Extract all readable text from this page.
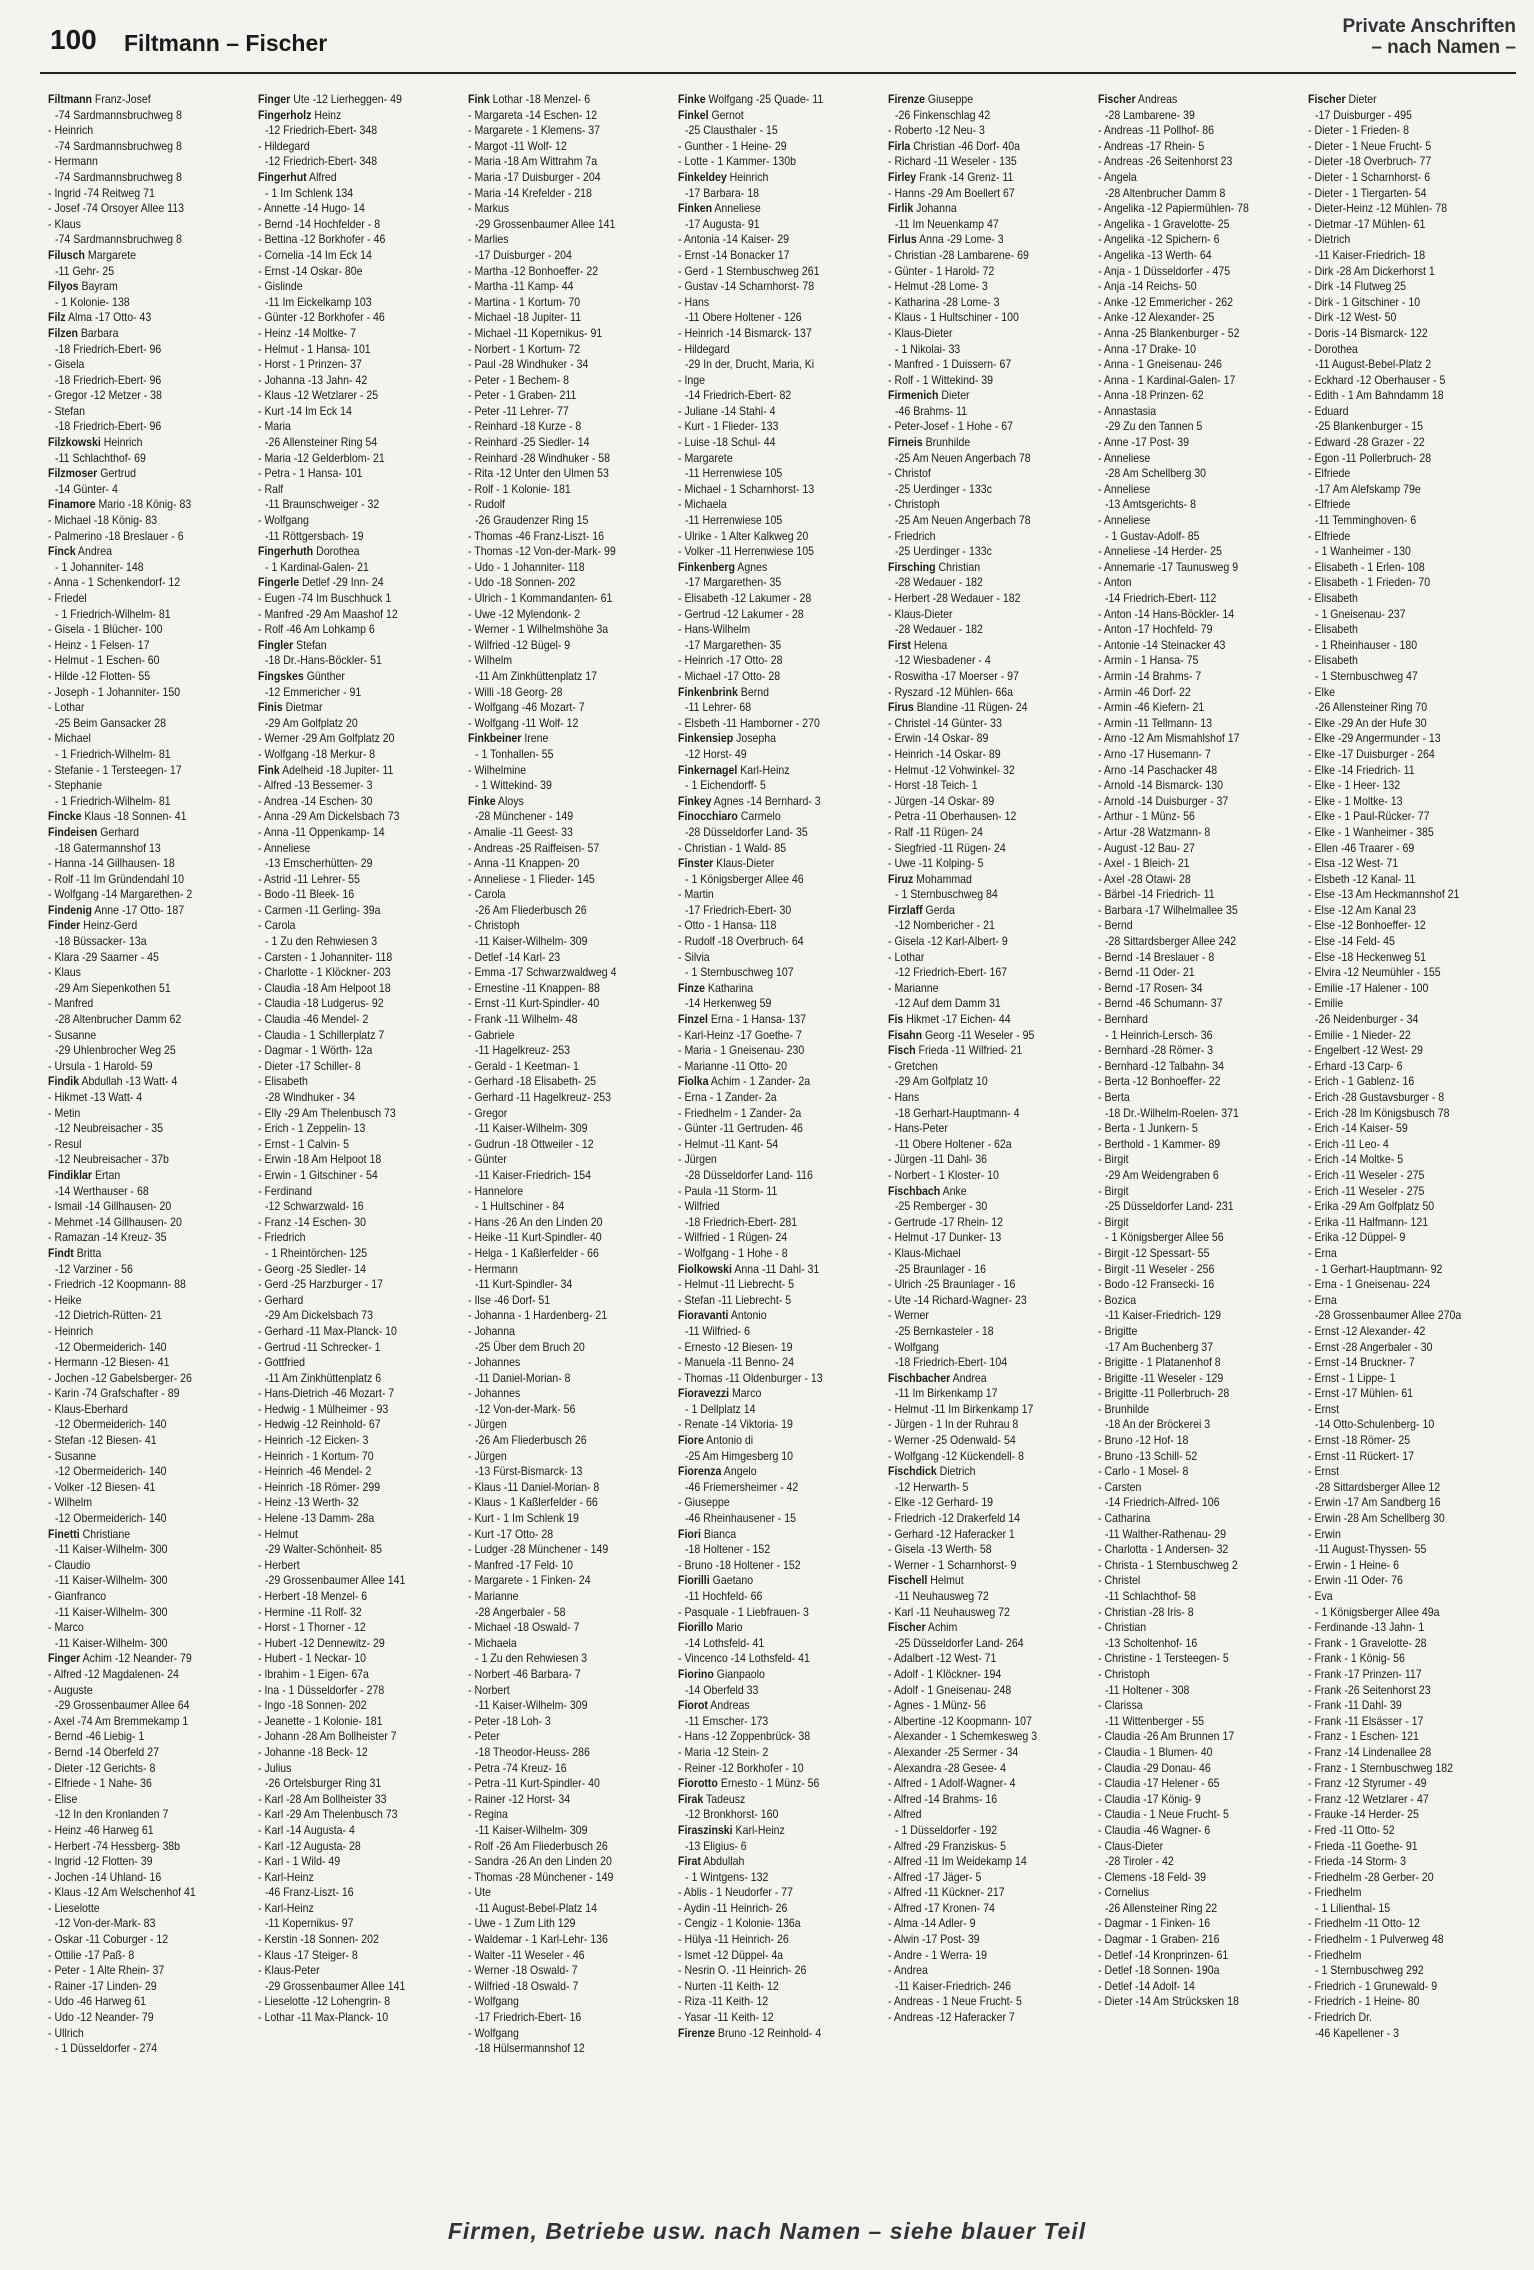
100 Filtmann – Fischer
Private Anschriften
– nach Namen –
Filtmann Franz-Josef
-74 Sardmannsbruchweg 8
- Heinrich
-74 Sardmannsbruchweg 8
- Hermann
-74 Sardmannsbruchweg 8
- Ingrid -74 Reitweg 71
- Josef -74 Orsoyer Allee 113
- Klaus
-74 Sardmannsbruchweg 8
Filusch Margarete
-11 Gehr- 25
Filyos Bayram
- 1 Kolonie- 138
Filz Alma -17 Otto- 43
Filzen Barbara
-18 Friedrich-Ebert- 96
- Gisela
-18 Friedrich-Ebert- 96
- Gregor -12 Metzer - 38
- Stefan
-18 Friedrich-Ebert- 96
Filzkowski Heinrich
-11 Schlachthof- 69
Filzmoser Gertrud
-14 Günter- 4
Finamore Mario -18 König- 83
- Michael -18 König- 83
- Palmerino -18 Breslauer - 6
Finck Andrea
- 1 Johanniter- 148
- Anna - 1 Schenkendorf- 12
- Friedel
- 1 Friedrich-Wilhelm- 81
- Gisela - 1 Blücher- 100
- Heinz - 1 Felsen- 17
- Helmut - 1 Eschen- 60
- Hilde -12 Flotten- 55
- Joseph - 1 Johanniter- 150
- Lothar
-25 Beim Gansacker 28
- Michael
- 1 Friedrich-Wilhelm- 81
- Stefanie - 1 Tersteegen- 17
- Stephanie
- 1 Friedrich-Wilhelm- 81
Fincke Klaus -18 Sonnen- 41
Findeisen Gerhard
-18 Gatermannshof 13
- Hanna -14 Gillhausen- 18
- Rolf -11 Im Gründendahl 10
- Wolfgang -14 Margarethen- 2
Findenig Anne -17 Otto- 187
Finder Heinz-Gerd
-18 Büssacker- 13a
- Klara -29 Saarner - 45
- Klaus
-29 Am Siepenkothen 51
- Manfred
-28 Altenbrucher Damm 62
- Susanne
-29 Uhlenbrocher Weg 25
- Ursula - 1 Harold- 59
Findik Abdullah -13 Watt- 4
- Hikmet -13 Watt- 4
- Metin
-12 Neubreisacher - 35
- Resul
-12 Neubreisacher - 37b
Findiklar Ertan
-14 Werthauser - 68
- Ismail -14 Gillhausen- 20
- Mehmet -14 Gillhausen- 20
- Ramazan -14 Kreuz- 35
Findt Britta
-12 Varziner - 56
- Friedrich -12 Koopmann- 88
- Heike
-12 Dietrich-Rütten- 21
- Heinrich
-12 Obermeiderich- 140
- Hermann -12 Biesen- 41
- Jochen -12 Gabelsberger- 26
- Karin -74 Grafschafter - 89
- Klaus-Eberhard
-12 Obermeiderich- 140
- Stefan -12 Biesen- 41
- Susanne
-12 Obermeiderich- 140
- Volker -12 Biesen- 41
- Wilhelm
-12 Obermeiderich- 140
Finetti Christiane
-11 Kaiser-Wilhelm- 300
- Claudio
-11 Kaiser-Wilhelm- 300
- Gianfranco
-11 Kaiser-Wilhelm- 300
- Marco
-11 Kaiser-Wilhelm- 300
Finger Achim -12 Neander- 79
- Alfred -12 Magdalenen- 24
- Auguste
-29 Grossenbaumer Allee 64
- Axel -74 Am Bremmekamp 1
- Bernd -46 Liebig- 1
- Bernd -14 Oberfeld 27
- Dieter -12 Gerichts- 8
- Elfriede - 1 Nahe- 36
- Elise
-12 In den Kronlanden 7
- Heinz -46 Harweg 61
- Herbert -74 Hessberg- 38b
- Ingrid -12 Flotten- 39
- Jochen -14 Uhland- 16
- Klaus -12 Am Welschenhof 41
- Lieselotte
-12 Von-der-Mark- 83
- Oskar -11 Coburger - 12
- Ottilie -17 Paß- 8
- Peter - 1 Alte Rhein- 37
- Rainer -17 Linden- 29
- Udo -46 Harweg 61
- Udo -12 Neander- 79
- Ullrich
- 1 Düsseldorfer - 274
Finger Ute -12 Lierheggen- 49
Fingerholz Heinz
-12 Friedrich-Ebert- 348
- Hildegard
-12 Friedrich-Ebert- 348
Fingerhut Alfred
- 1 Im Schlenk 134
- Annette -14 Hugo- 14
- Bernd -14 Hochfelder - 8
- Bettina -12 Borkhofer - 46
- Cornelia -14 Im Eck 14
- Ernst -14 Oskar- 80e
- Gislinde
-11 Im Eickelkamp 103
- Günter -12 Borkhofer - 46
- Heinz -14 Moltke- 7
- Helmut - 1 Hansa- 101
- Horst - 1 Prinzen- 37
- Johanna -13 Jahn- 42
- Klaus -12 Wetzlarer - 25
- Kurt -14 Im Eck 14
- Maria
-26 Allensteiner Ring 54
- Maria -12 Gelderblom- 21
- Petra - 1 Hansa- 101
- Ralf
-11 Braunschweiger - 32
- Wolfgang
-11 Röttgersbach- 19
Fingerhuth Dorothea
- 1 Kardinal-Galen- 21
Fingerle Detlef -29 Inn- 24
- Eugen -74 Im Buschhuck 1
- Manfred -29 Am Maashof 12
- Rolf -46 Am Lohkamp 6
Fingler Stefan
-18 Dr.-Hans-Böckler- 51
Fingskes Günther
-12 Emmericher - 91
Finis Dietmar
-29 Am Golfplatz 20
- Werner -29 Am Golfplatz 20
- Wolfgang -18 Merkur- 8
Fink Adelheid -18 Jupiter- 11
- Alfred -13 Bessemer- 3
- Andrea -14 Eschen- 30
- Anna -29 Am Dickelsbach 73
- Anna -11 Oppenkamp- 14
- Anneliese
-13 Emscherhütten- 29
- Astrid -11 Lehrer- 55
- Bodo -11 Bleek- 16
- Carmen -11 Gerling- 39a
- Carola
- 1 Zu den Rehwiesen 3
- Carsten - 1 Johanniter- 118
- Charlotte - 1 Klöckner- 203
- Claudia -18 Am Helpoot 18
- Claudia -18 Ludgerus- 92
- Claudia -46 Mendel- 2
- Claudia - 1 Schillerplatz 7
- Dagmar - 1 Wörth- 12a
- Dieter -17 Schiller- 8
- Elisabeth
-28 Windhuker - 34
- Elly -29 Am Thelenbusch 73
- Erich - 1 Zeppelin- 13
- Ernst - 1 Calvin- 5
- Erwin -18 Am Helpoot 18
- Erwin - 1 Gitschiner - 54
- Ferdinand
-12 Schwarzwald- 16
- Franz -14 Eschen- 30
- Friedrich
- 1 Rheintörchen- 125
- Georg -25 Siedler- 14
- Gerd -25 Harzburger - 17
- Gerhard
-29 Am Dickelsbach 73
- Gerhard -11 Max-Planck- 10
- Gertrud -11 Schrecker- 1
- Gottfried
-11 Am Zinkhüttenplatz 6
- Hans-Dietrich -46 Mozart- 7
- Hedwig - 1 Mülheimer - 93
- Hedwig -12 Reinhold- 67
- Heinrich -12 Eicken- 3
- Heinrich - 1 Kortum- 70
- Heinrich -46 Mendel- 2
- Heinrich -18 Römer- 299
- Heinz -13 Werth- 32
- Helene -13 Damm- 28a
- Helmut
-29 Walter-Schönheit- 85
- Herbert
-29 Grossenbaumer Allee 141
- Herbert -18 Menzel- 6
- Hermine -11 Rolf- 32
- Horst - 1 Thorner - 12
- Hubert -12 Dennewitz- 29
- Hubert - 1 Neckar- 10
- Ibrahim - 1 Eigen- 67a
- Ina - 1 Düsseldorfer - 278
- Ingo -18 Sonnen- 202
- Jeanette - 1 Kolonie- 181
- Johann -28 Am Bollheister 7
- Johanne -18 Beck- 12
- Julius
-26 Ortelsburger Ring 31
- Karl -28 Am Bollheister 33
- Karl -29 Am Thelenbusch 73
- Karl -14 Augusta- 4
- Karl -12 Augusta- 28
- Karl - 1 Wild- 49
- Karl-Heinz
-46 Franz-Liszt- 16
- Karl-Heinz
-11 Kopernikus- 97
- Kerstin -18 Sonnen- 202
- Klaus -17 Steiger- 8
- Klaus-Peter
-29 Grossenbaumer Allee 141
- Lieselotte -12 Lohengrin- 8
- Lothar -11 Max-Planck- 10
Fink Lothar -18 Menzel- 6
- Margareta -14 Eschen- 12
- Margarete - 1 Klemens- 37
- Margot -11 Wolf- 12
- Maria -18 Am Wittrahm 7a
- Maria -17 Duisburger - 204
- Maria -14 Krefelder - 218
- Markus
-29 Grossenbaumer Allee 141
- Marlies
-17 Duisburger - 204
- Martha -12 Bonhoeffer- 22
- Martha -11 Kamp- 44
- Martina - 1 Kortum- 70
- Michael -18 Jupiter- 11
- Michael -11 Kopernikus- 91
- Norbert - 1 Kortum- 72
- Paul -28 Windhuker - 34
- Peter - 1 Bechem- 8
- Peter - 1 Graben- 211
- Peter -11 Lehrer- 77
- Reinhard -18 Kurze - 8
- Reinhard -25 Siedler- 14
- Reinhard -28 Windhuker - 58
- Rita -12 Unter den Ulmen 53
- Rolf - 1 Kolonie- 181
- Rudolf
-26 Graudenzer Ring 15
- Thomas -46 Franz-Liszt- 16
- Thomas -12 Von-der-Mark- 99
- Udo - 1 Johanniter- 118
- Udo -18 Sonnen- 202
- Ulrich - 1 Kommandanten- 61
- Uwe -12 Mylendonk- 2
- Werner - 1 Wilhelmshöhe 3a
- Wilfried -12 Bügel- 9
- Wilhelm
-11 Am Zinkhüttenplatz 17
- Willi -18 Georg- 28
- Wolfgang -46 Mozart- 7
- Wolfgang -11 Wolf- 12
Finkbeiner Irene
- 1 Tonhallen- 55
- Wilhelmine
- 1 Wittekind- 39
Finke Aloys
-28 Münchener - 149
- Amalie -11 Geest- 33
- Andreas -25 Raiffeisen- 57
- Anna -11 Knappen- 20
- Anneliese - 1 Flieder- 145
- Carola
-26 Am Fliederbusch 26
- Christoph
-11 Kaiser-Wilhelm- 309
- Detlef -14 Karl- 23
- Emma -17 Schwarzwaldweg 4
- Ernestine -11 Knappen- 88
- Ernst -11 Kurt-Spindler- 40
- Frank -11 Wilhelm- 48
- Gabriele
-11 Hagelkreuz- 253
- Gerald - 1 Keetman- 1
- Gerhard -18 Elisabeth- 25
- Gerhard -11 Hagelkreuz- 253
- Gregor
-11 Kaiser-Wilhelm- 309
- Gudrun -18 Ottweiler - 12
- Günter
-11 Kaiser-Friedrich- 154
- Hannelore
- 1 Hultschiner - 84
- Hans -26 An den Linden 20
- Heike -11 Kurt-Spindler- 40
- Helga - 1 Kaßlerfelder - 66
- Hermann
-11 Kurt-Spindler- 34
- Ilse -46 Dorf- 51
- Johanna - 1 Hardenberg- 21
- Johanna
-25 Über dem Bruch 20
- Johannes
-11 Daniel-Morian- 8
- Johannes
-12 Von-der-Mark- 56
- Jürgen
-26 Am Fliederbusch 26
- Jürgen
-13 Fürst-Bismarck- 13
- Klaus -11 Daniel-Morian- 8
- Klaus - 1 Kaßlerfelder - 66
- Kurt - 1 Im Schlenk 19
- Kurt -17 Otto- 28
- Ludger -28 Münchener - 149
- Manfred -17 Feld- 10
- Margarete - 1 Finken- 24
- Marianne
-28 Angerbaler - 58
- Michael -18 Oswald- 7
- Michaela
- 1 Zu den Rehwiesen 3
- Norbert -46 Barbara- 7
- Norbert
-11 Kaiser-Wilhelm- 309
- Peter -18 Loh- 3
- Peter
-18 Theodor-Heuss- 286
- Petra -74 Kreuz- 16
- Petra -11 Kurt-Spindler- 40
- Rainer -12 Horst- 34
- Regina
-11 Kaiser-Wilhelm- 309
- Rolf -26 Am Fliederbusch 26
- Sandra -26 An den Linden 20
- Thomas -28 Münchener - 149
- Ute
-11 August-Bebel-Platz 14
- Uwe - 1 Zum Lith 129
- Waldemar - 1 Karl-Lehr- 136
- Walter -11 Weseler - 46
- Werner -18 Oswald- 7
- Wilfried -18 Oswald- 7
- Wolfgang
-17 Friedrich-Ebert- 16
- Wolfgang
-18 Hülsermannshof 12
Finke Wolfgang -25 Quade- 11
Finkel Gernot
-25 Clausthaler - 15
- Gunther - 1 Heine- 29
- Lotte - 1 Kammer- 130b
Finkeldey Heinrich
-17 Barbara- 18
Finken Anneliese
-17 Augusta- 91
- Antonia -14 Kaiser- 29
- Ernst -14 Bonacker 17
- Gerd - 1 Sternbuschweg 261
- Gustav -14 Scharnhorst- 78
- Hans
-11 Obere Holtener - 126
- Heinrich -14 Bismarck- 137
- Hildegard
-29 In der, Drucht, Maria, Ki
- Inge
-14 Friedrich-Ebert- 82
- Juliane -14 Stahl- 4
- Kurt - 1 Flieder- 133
- Luise -18 Schul- 44
- Margarete
-11 Herrenwiese 105
- Michael - 1 Scharnhorst- 13
- Michaela
-11 Herrenwiese 105
- Ulrike - 1 Alter Kalkweg 20
- Volker -11 Herrenwiese 105
Finkenberg Agnes
-17 Margarethen- 35
- Elisabeth -12 Lakumer - 28
- Gertrud -12 Lakumer - 28
- Hans-Wilhelm
-17 Margarethen- 35
- Heinrich -17 Otto- 28
- Michael -17 Otto- 28
Finkenbrink Bernd
-11 Lehrer- 68
- Elsbeth -11 Hamborner - 270
Finkensiep Josepha
-12 Horst- 49
Finkernagel Karl-Heinz
- 1 Eichendorff- 5
Finkey Agnes -14 Bernhard- 3
Finocchiaro Carmelo
-28 Düsseldorfer Land- 35
- Christian - 1 Wald- 85
Finster Klaus-Dieter
- 1 Königsberger Allee 46
- Martin
-17 Friedrich-Ebert- 30
- Otto - 1 Hansa- 118
- Rudolf -18 Overbruch- 64
- Silvia
- 1 Sternbuschweg 107
Finze Katharina
-14 Herkenweg 59
Finzel Erna - 1 Hansa- 137
- Karl-Heinz -17 Goethe- 7
- Maria - 1 Gneisenau- 230
- Marianne -11 Otto- 20
Fiolka Achim - 1 Zander- 2a
- Erna - 1 Zander- 2a
- Friedhelm - 1 Zander- 2a
- Günter -11 Gertruden- 46
- Helmut -11 Kant- 54
- Jürgen
-28 Düsseldorfer Land- 116
- Paula -11 Storm- 11
- Wilfried
-18 Friedrich-Ebert- 281
- Wilfried - 1 Rügen- 24
- Wolfgang - 1 Hohe - 8
Fiolkowski Anna -11 Dahl- 31
- Helmut -11 Liebrecht- 5
- Stefan -11 Liebrecht- 5
Fioravanti Antonio
-11 Wilfried- 6
- Ernesto -12 Biesen- 19
- Manuela -11 Benno- 24
- Thomas -11 Oldenburger - 13
Fioravezzi Marco
- 1 Dellplatz 14
- Renate -14 Viktoria- 19
Fiore Antonio di
-25 Am Himgesberg 10
Fiorenza Angelo
-46 Friemersheimer - 42
- Giuseppe
-46 Rheinhausener - 15
Fiori Bianca
-18 Holtener - 152
- Bruno -18 Holtener - 152
Fiorilli Gaetano
-11 Hochfeld- 66
- Pasquale - 1 Liebfrauen- 3
Fiorillo Mario
-14 Lothsfeld- 41
- Vincenco -14 Lothsfeld- 41
Fiorino Gianpaolo
-14 Oberfeld 33
Fiorot Andreas
-11 Emscher- 173
- Hans -12 Zoppenbrück- 38
- Maria -12 Stein- 2
- Reiner -12 Borkhofer - 10
Fiorotto Ernesto - 1 Münz- 56
Firak Tadeusz
-12 Bronkhorst- 160
Firaszinski Karl-Heinz
-13 Eligius- 6
Firat Abdullah
- 1 Wintgens- 132
- Ablis - 1 Neudorfer - 77
- Aydin -11 Heinrich- 26
- Cengiz - 1 Kolonie- 136a
- Hülya -11 Heinrich- 26
- Ismet -12 Düppel- 4a
- Nesrin O. -11 Heinrich- 26
- Nurten -11 Keith- 12
- Riza -11 Keith- 12
- Yasar -11 Keith- 12
Firenze Bruno -12 Reinhold- 4
Firenze Giuseppe
-26 Finkenschlag 42
- Roberto -12 Neu- 3
Firla Christian -46 Dorf- 40a
- Richard -11 Weseler - 135
Firley Frank -14 Grenz- 11
- Hanns -29 Am Boellert 67
Firlik Johanna
-11 Im Neuenkamp 47
Firlus Anna -29 Lome- 3
- Christian -28 Lambarene- 69
- Günter - 1 Harold- 72
- Helmut -28 Lome- 3
- Katharina -28 Lome- 3
- Klaus - 1 Hultschiner - 100
- Klaus-Dieter
- 1 Nikolai- 33
- Manfred - 1 Duissern- 67
- Rolf - 1 Wittekind- 39
Firmenich Dieter
-46 Brahms- 11
- Peter-Josef - 1 Hohe - 67
Firneis Brunhilde
-25 Am Neuen Angerbach 78
- Christof
-25 Uerdinger - 133c
- Christoph
-25 Am Neuen Angerbach 78
- Friedrich
-25 Uerdinger - 133c
Firsching Christian
-28 Wedauer - 182
- Herbert -28 Wedauer - 182
- Klaus-Dieter
-28 Wedauer - 182
First Helena
-12 Wiesbadener - 4
- Roswitha -17 Moerser - 97
- Ryszard -12 Mühlen- 66a
Firus Blandine -11 Rügen- 24
- Christel -14 Günter- 33
- Erwin -14 Oskar- 89
- Heinrich -14 Oskar- 89
- Helmut -12 Vohwinkel- 32
- Horst -18 Teich- 1
- Jürgen -14 Oskar- 89
- Petra -11 Oberhausen- 12
- Ralf -11 Rügen- 24
- Siegfried -11 Rügen- 24
- Uwe -11 Kolping- 5
Firuz Mohammad
- 1 Sternbuschweg 84
Firzlaff Gerda
-12 Nombericher - 21
- Gisela -12 Karl-Albert- 9
- Lothar
-12 Friedrich-Ebert- 167
- Marianne
-12 Auf dem Damm 31
Fis Hikmet -17 Eichen- 44
Fisahn Georg -11 Weseler - 95
Fisch Frieda -11 Wilfried- 21
- Gretchen
-29 Am Golfplatz 10
- Hans
-18 Gerhart-Hauptmann- 4
- Hans-Peter
-11 Obere Holtener - 62a
- Jürgen -11 Dahl- 36
- Norbert - 1 Kloster- 10
Fischbach Anke
-25 Remberger - 30
- Gertrude -17 Rhein- 12
- Helmut -17 Dunker- 13
- Klaus-Michael
-25 Braunlager - 16
- Ulrich -25 Braunlager - 16
- Ute -14 Richard-Wagner- 23
- Werner
-25 Bernkasteler - 18
- Wolfgang
-18 Friedrich-Ebert- 104
Fischbacher Andrea
-11 Im Birkenkamp 17
- Helmut -11 Im Birkenkamp 17
- Jürgen - 1 In der Ruhrau 8
- Werner -25 Odenwald- 54
- Wolfgang -12 Kückendell- 8
Fischdick Dietrich
-12 Herwarth- 5
- Elke -12 Gerhard- 19
- Friedrich -12 Drakerfeld 14
- Gerhard -12 Haferacker 1
- Gisela -13 Werth- 58
- Werner - 1 Scharnhorst- 9
Fischell Helmut
-11 Neuhausweg 72
- Karl -11 Neuhausweg 72
Fischer Achim
-25 Düsseldorfer Land- 264
- Adalbert -12 West- 71
- Adolf - 1 Klöckner- 194
- Adolf - 1 Gneisenau- 248
- Agnes - 1 Münz- 56
- Albertine -12 Koopmann- 107
- Alexander - 1 Schemkesweg 3
- Alexander -25 Sermer - 34
- Alexandra -28 Gesee- 4
- Alfred - 1 Adolf-Wagner- 4
- Alfred -14 Brahms- 16
- Alfred
- 1 Düsseldorfer - 192
- Alfred -29 Franziskus- 5
- Alfred -11 Im Weidekamp 14
- Alfred -17 Jäger- 5
- Alfred -11 Kückner- 217
- Alfred -17 Kronen- 74
- Alma -14 Adler- 9
- Alwin -17 Post- 39
- Andre - 1 Werra- 19
- Andrea
-11 Kaiser-Friedrich- 246
- Andreas - 1 Neue Frucht- 5
- Andreas -12 Haferacker 7
Fischer Andreas
-28 Lambarene- 39
- Andreas -11 Pollhof- 86
- Andreas -17 Rhein- 5
- Andreas -26 Seitenhorst 23
- Angela
-28 Altenbrucher Damm 8
- Angelika -12 Papiermühlen- 78
- Angelika - 1 Gravelotte- 25
- Angelika -12 Spichern- 6
- Angelika -13 Werth- 64
- Anja - 1 Düsseldorfer - 475
- Anja -14 Reichs- 50
- Anke -12 Emmericher - 262
- Anke -12 Alexander- 25
- Anna -25 Blankenburger - 52
- Anna -17 Drake- 10
- Anna - 1 Gneisenau- 246
- Anna - 1 Kardinal-Galen- 17
- Anna -18 Prinzen- 62
- Annastasia
-29 Zu den Tannen 5
- Anne -17 Post- 39
- Anneliese
-28 Am Schellberg 30
- Anneliese
-13 Amtsgerichts- 8
- Anneliese
- 1 Gustav-Adolf- 85
- Anneliese -14 Herder- 25
- Annemarie -17 Taunusweg 9
- Anton
-14 Friedrich-Ebert- 112
- Anton -14 Hans-Böckler- 14
- Anton -17 Hochfeld- 79
- Antonie -14 Steinacker 43
- Armin - 1 Hansa- 75
- Armin -14 Brahms- 7
- Armin -46 Dorf- 22
- Armin -46 Kiefern- 21
- Armin -11 Tellmann- 13
- Arno -12 Am Mismahlshof 17
- Arno -17 Husemann- 7
- Arno -14 Paschacker 48
- Arnold -14 Bismarck- 130
- Arnold -14 Duisburger - 37
- Arthur - 1 Münz- 56
- Artur -28 Watzmann- 8
- August -12 Bau- 27
- Axel - 1 Bleich- 21
- Axel -28 Otawi- 28
- Bärbel -14 Friedrich- 11
- Barbara -17 Wilhelmallee 35
- Bernd
-28 Sittardsberger Allee 242
- Bernd -14 Breslauer - 8
- Bernd -11 Oder- 21
- Bernd -17 Rosen- 34
- Bernd -46 Schumann- 37
- Bernhard
- 1 Heinrich-Lersch- 36
- Bernhard -28 Römer- 3
- Bernhard -12 Talbahn- 34
- Berta -12 Bonhoeffer- 22
- Berta
-18 Dr.-Wilhelm-Roelen- 371
- Berta - 1 Junkern- 5
- Berthold - 1 Kammer- 89
- Birgit
-29 Am Weidengraben 6
- Birgit
-25 Düsseldorfer Land- 231
- Birgit
- 1 Königsberger Allee 56
- Birgit -12 Spessart- 55
- Birgit -11 Weseler - 256
- Bodo -12 Fransecki- 16
- Bozica
-11 Kaiser-Friedrich- 129
- Brigitte
-17 Am Buchenberg 37
- Brigitte - 1 Platanenhof 8
- Brigitte -11 Weseler - 129
- Brigitte -11 Pollerbruch- 28
- Brunhilde
-18 An der Bröckerei 3
- Bruno -12 Hof- 18
- Bruno -13 Schill- 52
- Carlo - 1 Mosel- 8
- Carsten
-14 Friedrich-Alfred- 106
- Catharina
-11 Walther-Rathenau- 29
- Charlotta - 1 Andersen- 32
- Christa - 1 Sternbuschweg 2
- Christel
-11 Schlachthof- 58
- Christian -28 Iris- 8
- Christian
-13 Scholtenhof- 16
- Christine - 1 Tersteegen- 5
- Christoph
-11 Holtener - 308
- Clarissa
-11 Wittenberger - 55
- Claudia -26 Am Brunnen 17
- Claudia - 1 Blumen- 40
- Claudia -29 Donau- 46
- Claudia -17 Helener - 65
- Claudia -17 König- 9
- Claudia - 1 Neue Frucht- 5
- Claudia -46 Wagner- 6
- Claus-Dieter
-28 Tiroler - 42
- Clemens -18 Feld- 39
- Cornelius
-26 Allensteiner Ring 22
- Dagmar - 1 Finken- 16
- Dagmar - 1 Graben- 216
- Detlef -14 Kronprinzen- 61
- Detlef -18 Sonnen- 190a
- Detlef -14 Adolf- 14
- Dieter -14 Am Strücksken 18
Fischer Dieter
-17 Duisburger - 495
- Dieter - 1 Frieden- 8
- Dieter - 1 Neue Frucht- 5
- Dieter -18 Overbruch- 77
- Dieter - 1 Scharnhorst- 6
- Dieter - 1 Tiergarten- 54
- Dieter-Heinz -12 Mühlen- 78
- Dietmar -17 Mühlen- 61
- Dietrich
-11 Kaiser-Friedrich- 18
- Dirk -28 Am Dickerhorst 1
- Dirk -14 Flutweg 25
- Dirk - 1 Gitschiner - 10
- Dirk -12 West- 50
- Doris -14 Bismarck- 122
- Dorothea
-11 August-Bebel-Platz 2
- Eckhard -12 Oberhauser - 5
- Edith - 1 Am Bahndamm 18
- Eduard
-25 Blankenburger - 15
- Edward -28 Grazer - 22
- Egon -11 Pollerbruch- 28
- Elfriede
-17 Am Alefskamp 79e
- Elfriede
-11 Temminghoven- 6
- Elfriede
- 1 Wanheimer - 130
- Elisabeth - 1 Erlen- 108
- Elisabeth - 1 Frieden- 70
- Elisabeth
- 1 Gneisenau- 237
- Elisabeth
- 1 Rheinhauser - 180
- Elisabeth
- 1 Sternbuschweg 47
- Elke
-26 Allensteiner Ring 70
- Elke -29 An der Hufe 30
- Elke -29 Angermunder - 13
- Elke -17 Duisburger - 264
- Elke -14 Friedrich- 11
- Elke - 1 Heer- 132
- Elke - 1 Moltke- 13
- Elke - 1 Paul-Rücker- 77
- Elke - 1 Wanheimer - 385
- Ellen -46 Traarer - 69
- Elsa -12 West- 71
- Elsbeth -12 Kanal- 11
- Else -13 Am Heckmannshof 21
- Else -12 Am Kanal 23
- Else -12 Bonhoeffer- 12
- Else -14 Feld- 45
- Else -18 Heckenweg 51
- Elvira -12 Neumühler - 155
- Emilie -17 Halener - 100
- Emilie
-26 Neidenburger - 34
- Emilie - 1 Nieder- 22
- Engelbert -12 West- 29
- Erhard -13 Carp- 6
- Erich - 1 Gablenz- 16
- Erich -28 Gustavsburger - 8
- Erich -28 Im Königsbusch 78
- Erich -14 Kaiser- 59
- Erich -11 Leo- 4
- Erich -14 Moltke- 5
- Erich -11 Weseler - 275
- Erich -11 Weseler - 275
- Erika -29 Am Golfplatz 50
- Erika -11 Halfmann- 121
- Erika -12 Düppel- 9
- Erna
- 1 Gerhart-Hauptmann- 92
- Erna - 1 Gneisenau- 224
- Erna
-28 Grossenbaumer Allee 270a
- Ernst -12 Alexander- 42
- Ernst -28 Angerbaler - 30
- Ernst -14 Bruckner- 7
- Ernst - 1 Lippe- 1
- Ernst -17 Mühlen- 61
- Ernst
-14 Otto-Schulenberg- 10
- Ernst -18 Römer- 25
- Ernst -11 Rückert- 17
- Ernst
-28 Sittardsberger Allee 12
- Erwin -17 Am Sandberg 16
- Erwin -28 Am Schellberg 30
- Erwin
-11 August-Thyssen- 55
- Erwin - 1 Heine- 6
- Erwin -11 Oder- 76
- Eva
- 1 Königsberger Allee 49a
- Ferdinande -13 Jahn- 1
- Frank - 1 Gravelotte- 28
- Frank - 1 König- 56
- Frank -17 Prinzen- 117
- Frank -26 Seitenhorst 23
- Frank -11 Dahl- 39
- Frank -11 Elsässer - 17
- Franz - 1 Eschen- 121
- Franz -14 Lindenallee 28
- Franz - 1 Sternbuschweg 182
- Franz -12 Styrumer - 49
- Franz -12 Wetzlarer - 47
- Frauke -14 Herder- 25
- Fred -11 Otto- 52
- Frieda -11 Goethe- 91
- Frieda -14 Storm- 3
- Friedhelm -28 Gerber- 20
- Friedhelm
- 1 Lilienthal- 15
- Friedhelm -11 Otto- 12
- Friedhelm - 1 Pulverweg 48
- Friedhelm
- 1 Sternbuschweg 292
- Friedrich - 1 Grunewald- 9
- Friedrich - 1 Heine- 80
- Friedrich Dr.
-46 Kapellener - 3
Firmen, Betriebe usw. nach Namen – siehe blauer Teil
